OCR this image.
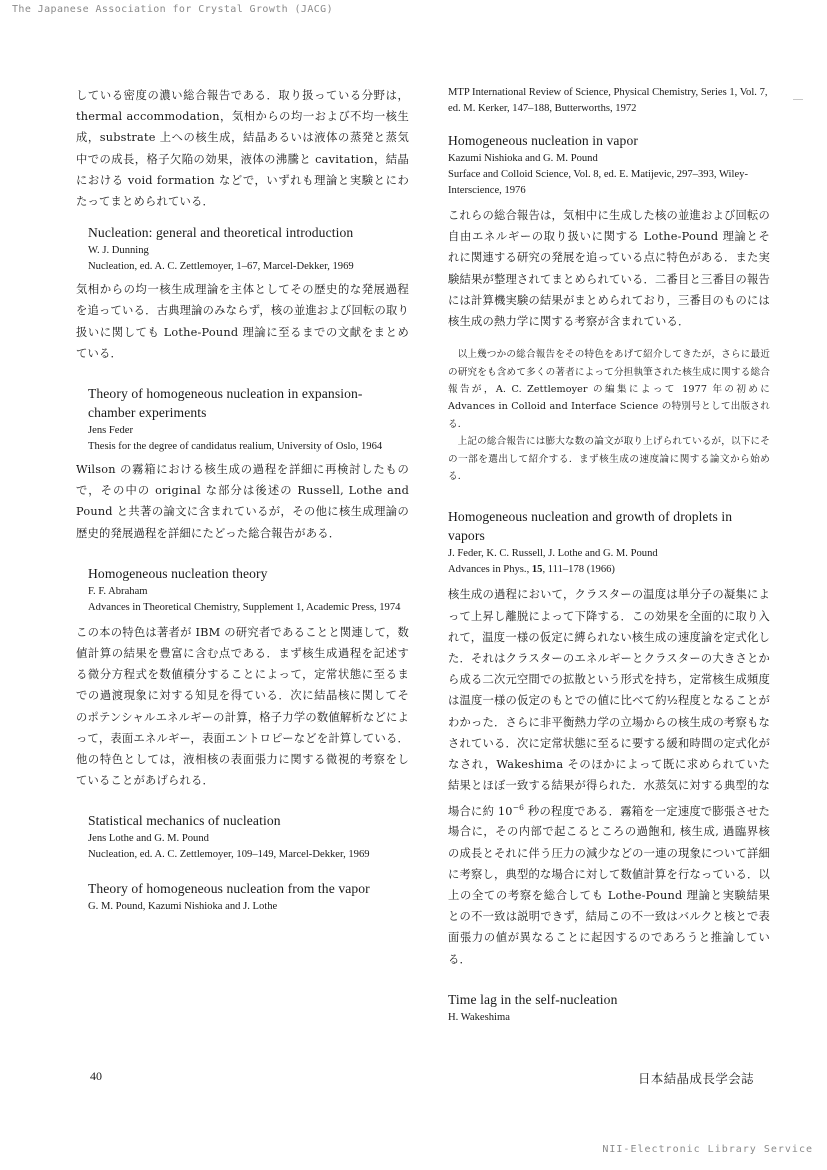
The Japanese Association for Crystal Growth (JACG)

している密度の濃い総合報告である．取り扱っている分野は，thermal accommodation，気相からの均一および不均一核生成，substrate 上への核生成，結晶あるいは液体の蒸発と蒸気中での成長，格子欠陥の効果，液体の沸騰と cavitation，結晶における void formation などで，いずれも理論と実験とにわたってまとめられている．

Nucleation: general and theoretical introduction

W. J. Dunning

Nucleation, ed. A. C. Zettlemoyer, 1–67, Marcel-Dekker, 1969

気相からの均一核生成理論を主体としてその歴史的な発展過程を追っている．古典理論のみならず，核の並進および回転の取り扱いに関しても Lothe-Pound 理論に至るまでの文献をまとめている．

Theory of homogeneous nucleation in expansion-chamber experiments

Jens Feder

Thesis for the degree of candidatus realium, University of Oslo, 1964

Wilson の霧箱における核生成の過程を詳細に再検討したもので，その中の original な部分は後述の Russell, Lothe and Pound と共著の論文に含まれているが，その他に核生成理論の歴史的発展過程を詳細にたどった総合報告がある．

Homogeneous nucleation theory

F. F. Abraham

Advances in Theoretical Chemistry, Supplement 1, Academic Press, 1974

この本の特色は著者が IBM の研究者であることと関連して，数値計算の結果を豊富に含む点である．まず核生成過程を記述する微分方程式を数値積分することによって，定常状態に至るまでの過渡現象に対する知見を得ている．次に結晶核に関してそのポテンシャルエネルギーの計算，格子力学の数値解析などによって，表面エネルギー，表面エントロピーなどを計算している．他の特色としては，液相核の表面張力に関する微視的考察をしていることがあげられる．

Statistical mechanics of nucleation

Jens Lothe and G. M. Pound

Nucleation, ed. A. C. Zettlemoyer, 109–149, Marcel-Dekker, 1969

Theory of homogeneous nucleation from the vapor

G. M. Pound, Kazumi Nishioka and J. Lothe

MTP International Review of Science, Physical Chemistry, Series 1, Vol. 7, ed. M. Kerker, 147–188, Butterworths, 1972

Homogeneous nucleation in vapor

Kazumi Nishioka and G. M. Pound

Surface and Colloid Science, Vol. 8, ed. E. Matijevic, 297–393, Wiley-Interscience, 1976

これらの総合報告は，気相中に生成した核の並進および回転の自由エネルギーの取り扱いに関する Lothe-Pound 理論とそれに関連する研究の発展を追っている点に特色がある．また実験結果が整理されてまとめられている．二番目と三番目の報告には計算機実験の結果がまとめられており，三番目のものには核生成の熱力学に関する考察が含まれている．

以上幾つかの総合報告をその特色をあげて紹介してきたが，さらに最近の研究をも含めて多くの著者によって分担執筆された核生成に関する総合報告が，A. C. Zettlemoyer の編集によって 1977 年の初めに Advances in Colloid and Interface Science の特別号として出版される．

上記の総合報告には膨大な数の論文が取り上げられているが，以下にその一部を選出して紹介する．まず核生成の速度論に関する論文から始める．

Homogeneous nucleation and growth of droplets in vapors

J. Feder, K. C. Russell, J. Lothe and G. M. Pound

Advances in Phys., 15, 111–178 (1966)

核生成の過程において，クラスターの温度は単分子の凝集によって上昇し離脱によって下降する．この効果を全面的に取り入れて，温度一様の仮定に縛られない核生成の速度論を定式化した．それはクラスターのエネルギーとクラスターの大きさとから成る二次元空間での拡散という形式を持ち，定常核生成頻度は温度一様の仮定のもとでの値に比べて約½程度となることがわかった．さらに非平衡熱力学の立場からの核生成の考察もなされている．次に定常状態に至るに要する緩和時間の定式化がなされ，Wakeshima そのほかによって既に求められていた結果とほぼ一致する結果が得られた．水蒸気に対する典型的な場合に約 $10^{-6}$ 秒の程度である．霧箱を一定速度で膨張させた場合に，その内部で起こるところの過飽和, 核生成, 過臨界核の成長とそれに伴う圧力の減少などの一連の現象について詳細に考察し，典型的な場合に対して数値計算を行なっている．以上の全ての考察を総合しても Lothe-Pound 理論と実験結果との不一致は説明できず，結局この不一致はバルクと核とで表面張力の値が異なることに起因するのであろうと推論している．

Time lag in the self-nucleation

H. Wakeshima

40	日本結晶成長学会誌
NII-Electronic Library Service
